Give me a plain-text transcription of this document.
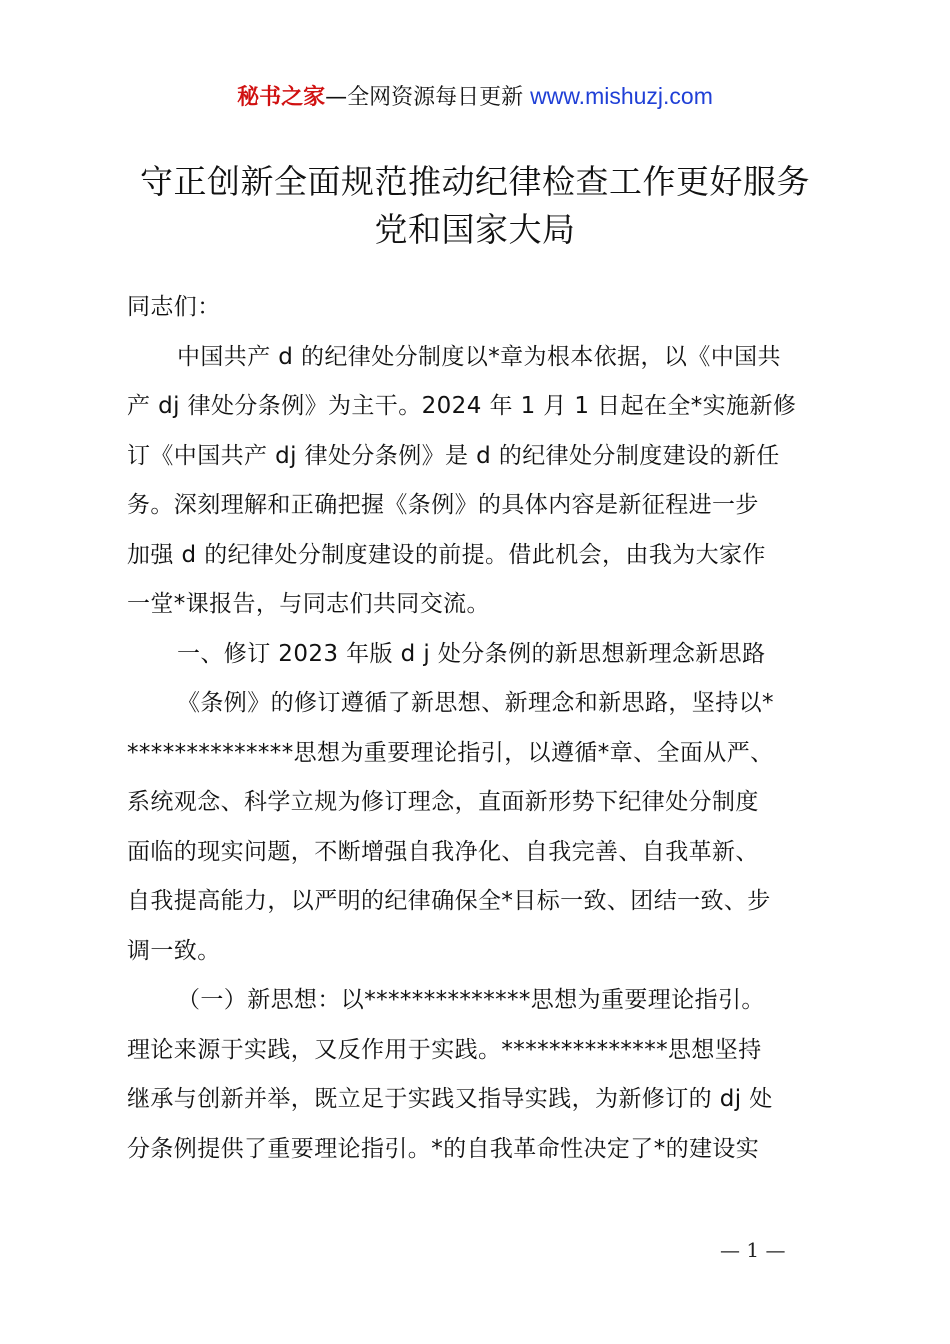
秘书之家—全网资源每日更新 www.mishuzj.com
守正创新全面规范推动纪律检查工作更好服务
党和国家大局
同志们：
中国共产 d 的纪律处分制度以*章为根本依据，以《中国共
产 dj 律处分条例》为主干。2024 年 1 月 1 日起在全*实施新修
订《中国共产 dj 律处分条例》是 d 的纪律处分制度建设的新任
务。深刻理解和正确把握《条例》的具体内容是新征程进一步
加强 d 的纪律处分制度建设的前提。借此机会，由我为大家作
一堂*课报告，与同志们共同交流。
一、修订 2023 年版 d j 处分条例的新思想新理念新思路
《条例》的修订遵循了新思想、新理念和新思路，坚持以*
**************思想为重要理论指引，以遵循*章、全面从严、
系统观念、科学立规为修订理念，直面新形势下纪律处分制度
面临的现实问题，不断增强自我净化、自我完善、自我革新、
自我提高能力，以严明的纪律确保全*目标一致、团结一致、步
调一致。
（一）新思想：以**************思想为重要理论指引。
理论来源于实践，又反作用于实践。**************思想坚持
继承与创新并举，既立足于实践又指导实践，为新修订的 dj 处
分条例提供了重要理论指引。*的自我革命性决定了*的建设实
— 1 —
